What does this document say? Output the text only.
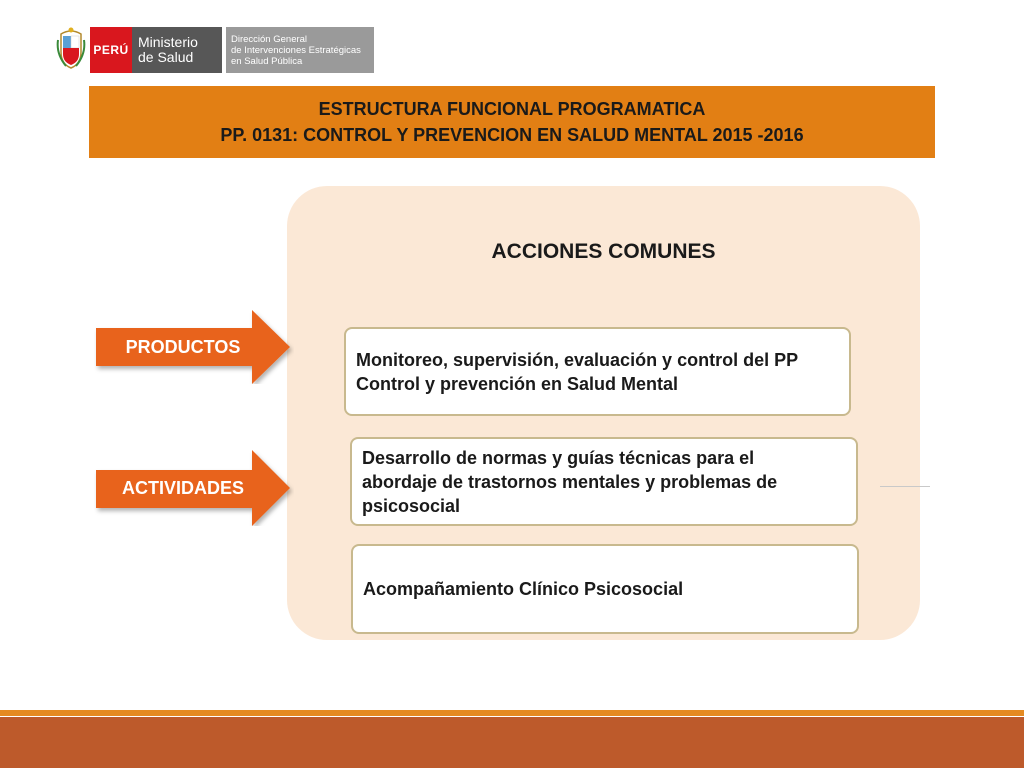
PERÚ Ministerio
de Salud
Dirección General
de Intervenciones Estratégicas
en Salud Pública
ESTRUCTURA FUNCIONAL PROGRAMATICA
PP. 0131: CONTROL Y PREVENCION EN SALUD MENTAL 2015 -2016
ACCIONES COMUNES
PRODUCTOS
ACTIVIDADES
Monitoreo, supervisión, evaluación y control del PP
Control y prevención en Salud Mental
Desarrollo de normas y guías técnicas para el
abordaje de trastornos mentales y problemas de
psicosocial
Acompañamiento Clínico Psicosocial
